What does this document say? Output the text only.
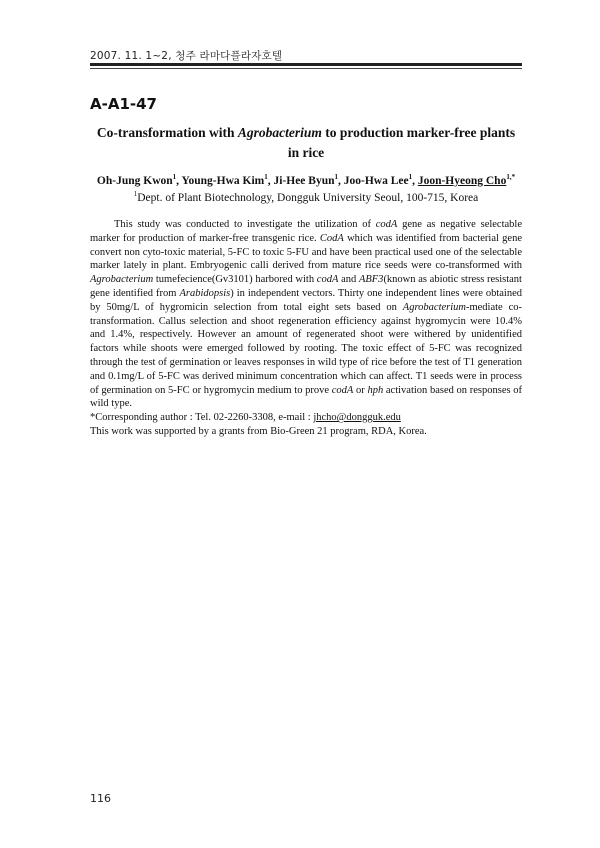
2007. 11. 1~2, 청주 라마다플라자호텔
A-A1-47
Co-transformation with Agrobacterium to production marker-free plants in rice
Oh-Jung Kwon$^1$, Young-Hwa Kim$^1$, Ji-Hee Byun$^1$, Joo-Hwa Lee$^1$, Joon-Hyeong Cho$^{1,*}$
$^1$Dept. of Plant Biotechnology, Dongguk University Seoul, 100-715, Korea

This study was conducted to investigate the utilization of codA gene as negative selectable marker for production of marker-free transgenic rice. CodA which was identified from bacterial gene convert non cyto-toxic material, 5-FC to toxic 5-FU and have been practical used one of the selectable marker lately in plant. Embryogenic calli derived from mature rice seeds were co-transformed with Agrobacterium tumefecience(Gv3101) harbored with codA and ABF3(known as abiotic stress resistant gene identified from Arabidopsis) in independent vectors. Thirty one independent lines were obtained by 50mg/L of hygromicin selection from total eight sets based on Agrobacterium-mediate co-transformation. Callus selection and shoot regeneration efficiency against hygromycin were 10.4% and 1.4%, respectively. However an amount of regenerated shoot were withered by unidentified factors while shoots were emerged followed by rooting. The toxic effect of 5-FC was recognized through the test of germination or leaves responses in wild type of rice before the test of T1 generation and 0.1mg/L of 5-FC was derived minimum concentration which can affect. T1 seeds were in process of germination on 5-FC or hygromycin medium to prove codA or hph activation based on responses of wild type.

*Corresponding author : Tel. 02-2260-3308, e-mail : jhcho@dongguk.edu

This work was supported by a grants from Bio-Green 21 program, RDA, Korea.

116
